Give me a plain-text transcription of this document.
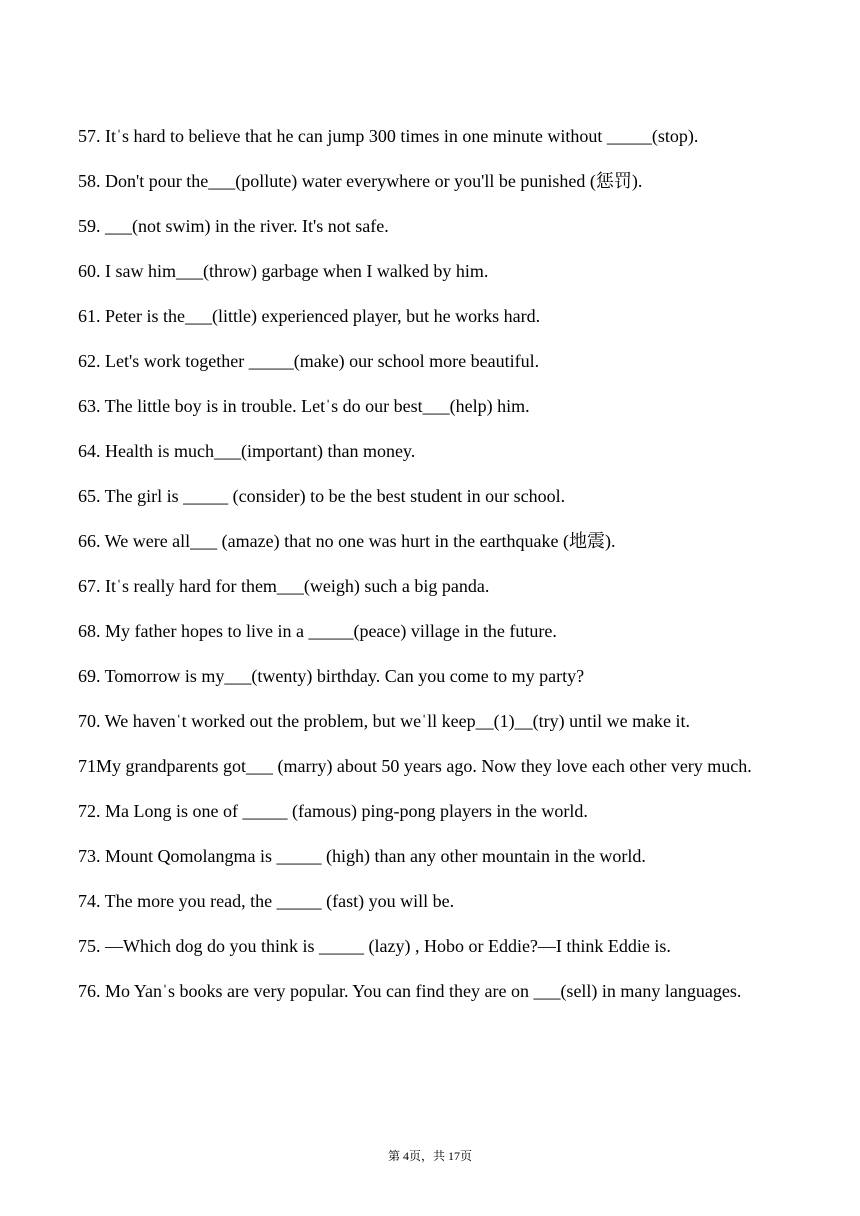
57. Itˈs hard to believe that he can jump 300 times in one minute without _____(stop).

58. Don't pour the___(pollute) water everywhere or you'll be punished (惩罚).

59. ___(not swim) in the river. It's not safe.

60. I saw him___(throw) garbage when I walked by him.

61. Peter is the___(little) experienced player, but he works hard.

62. Let's work together _____(make) our school more beautiful.

63. The little boy is in trouble. Letˈs do our best___(help) him.

64. Health is much___(important) than money.

65. The girl is _____ (consider) to be the best student in our school.

66. We were all___ (amaze) that no one was hurt in the earthquake (地震).

67. Itˈs really hard for them___(weigh) such a big panda.

68. My father hopes to live in a _____(peace) village in the future.

69. Tomorrow is my___(twenty) birthday. Can you come to my party?

70. We havenˈt worked out the problem, but weˈll keep__(1)__(try) until we make it.

71My grandparents got___ (marry) about 50 years ago. Now they love each other very much.

72. Ma Long is one of _____ (famous) ping-pong players in the world.

73. Mount Qomolangma is _____ (high) than any other mountain in the world.

74. The more you read, the _____ (fast) you will be.

75. —Which dog do you think is _____ (lazy) , Hobo or Eddie?—I think Eddie is.

76. Mo Yanˈs books are very popular. You can find they are on ___(sell) in many languages.

第 4页，共 17页
